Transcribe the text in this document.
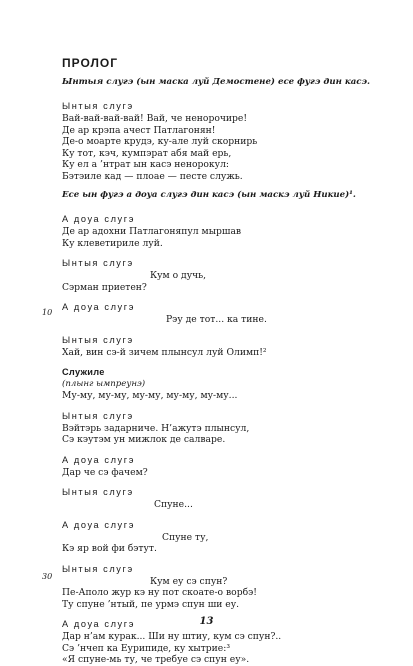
ПРОЛОГ
Ынтыя слугэ (ын маска луй Демостене) есе фугэ дин касэ.
Ынтыя слугэ
Вай-вай-вай-вай! Вай, че ненорочире!
Де ар крэпа ачест Патлагонян!
Де-о моарте крудэ, ку-але луй скорнирь
Ку тот, кэч, кумпэрат абя май ерь,
Ку ел а ’нтрат ын касэ ненорокул:
Бэтэиле кад — плоае — песте служь.
Есе ын фугэ а доуа слугэ дин касэ (ын маскэ луй Никие)¹.
А доуа слугэ
Де ар адохни Патлагоняпул мыршав
Ку клеветириле луй.
Ынтыя слугэ
Кум о дучь,
Сэрман приетен?
А доуа слугэ
Рэу де тот... ка тине.
Ынтыя слугэ
Хай, вин сэ-й зичем плынсул луй Олимп!²
Служиле
(плынг ымпреунэ)
Му-му, му-му, му-му, му-му, му-му...
Ынтыя слугэ
Вэйтэрь задарниче. Н’ажутэ плынсул,
Сэ кэутэм ун мижлок де салваре.
А доуа слугэ
Дар че сэ фачем?
Ынтыя слугэ
Спуне...
А доуа слугэ
Спуне ту,
Кэ яр вой фи бэтут.
Ынтыя слугэ
Кум еу сэ спун?
Пе-Аполо жур кэ ну пот скоате-о ворбэ!
Ту спуне ’нтый, пе урмэ спун ши еу.
А доуа слугэ
Дар н’ам курак... Ши ну штиу, кум сэ спун?..
Сэ ’нчеп ка Еурипиде, ку хытрие:³
«Я спуне-мь ту, че требуе сэ спун еу».
10
30
13
